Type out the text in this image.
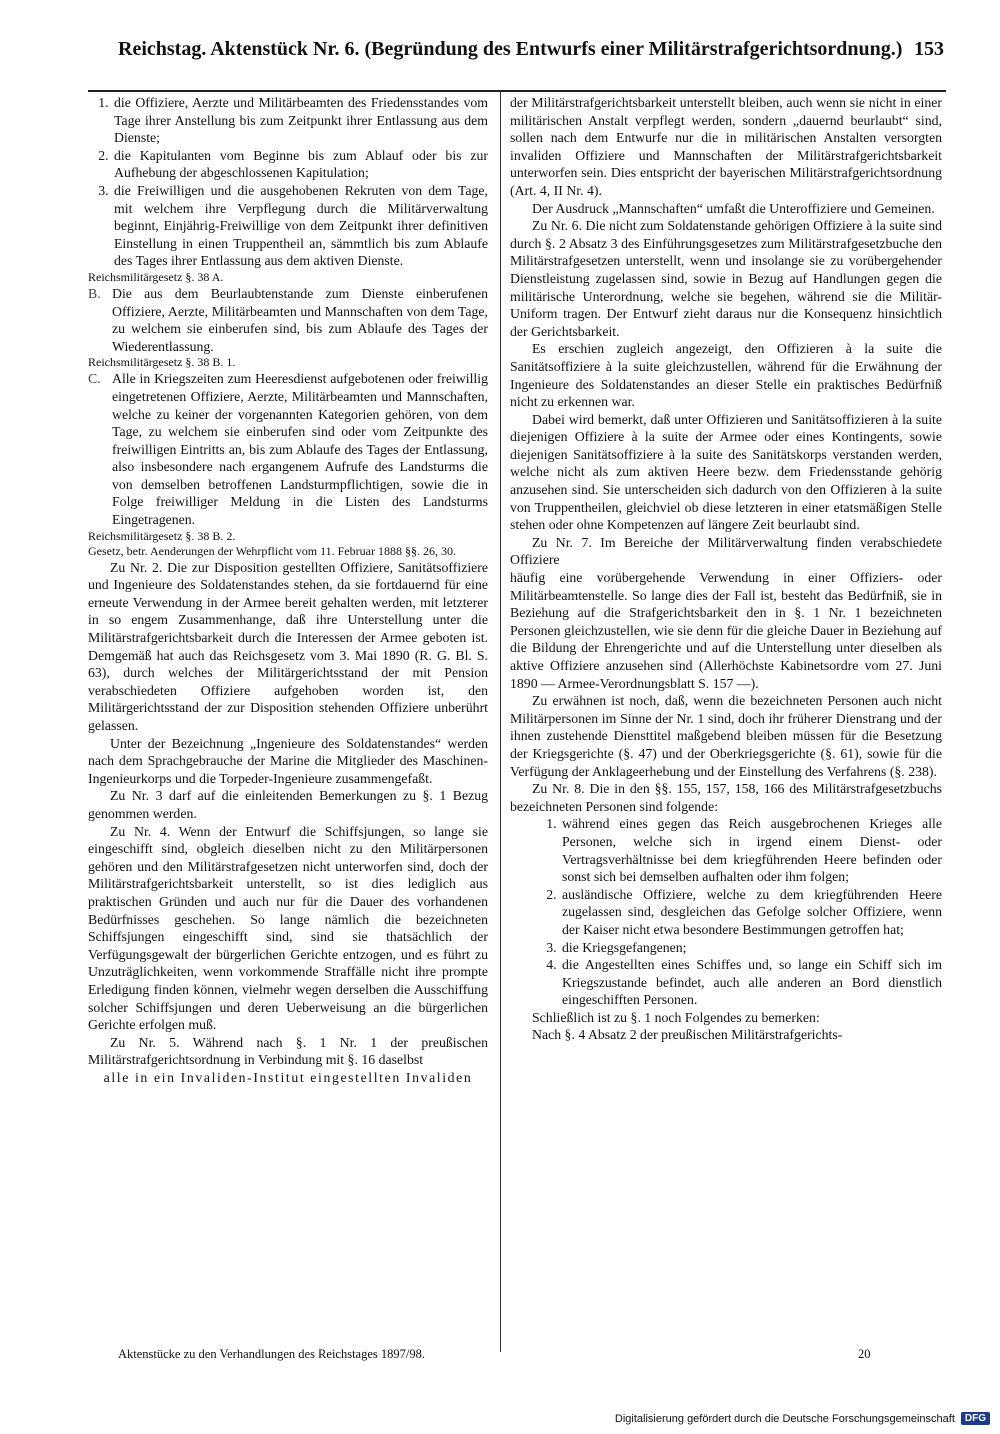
Reichstag. Aktenstück Nr. 6. (Begründung des Entwurfs einer Militärstrafgerichtsordnung.) 153
1. die Offiziere, Aerzte und Militärbeamten des Friedensstandes vom Tage ihrer Anstellung bis zum Zeitpunkt ihrer Entlassung aus dem Dienste;
2. die Kapitulanten vom Beginne bis zum Ablauf oder bis zur Aufhebung der abgeschlossenen Kapitulation;
3. die Freiwilligen und die ausgehobenen Rekruten von dem Tage, mit welchem ihre Verpflegung durch die Militärverwaltung beginnt, Einjährig-Freiwillige von dem Zeitpunkt ihrer definitiven Einstellung in einen Truppentheil an, sämmtlich bis zum Ablaufe des Tages ihrer Entlassung aus dem aktiven Dienste.

Reichsmilitärgesetz §. 38 A.

B. Die aus dem Beurlaubtenstande zum Dienste einberufenen Offiziere, Aerzte, Militärbeamten und Mannschaften von dem Tage, zu welchem sie einberufen sind, bis zum Ablaufe des Tages der Wiederentlassung.

Reichsmilitärgesetz §. 38 B. 1.

C. Alle in Kriegszeiten zum Heeresdienst aufgebotenen oder freiwillig eingetretenen Offiziere, Aerzte, Militärbeamten und Mannschaften, welche zu keiner der vorgenannten Kategorien gehören, von dem Tage, zu welchem sie einberufen sind oder vom Zeitpunkte des freiwilligen Eintritts an, bis zum Ablaufe des Tages der Entlassung, also insbesondere nach ergangenem Aufrufe des Landsturms die von demselben betroffenen Landsturmpflichtigen, sowie die in Folge freiwilliger Meldung in die Listen des Landsturms Eingetragenen.

Reichsmilitärgesetz §. 38 B. 2.

Gesetz, betr. Aenderungen der Wehrpflicht vom 11. Februar 1888 §§. 26, 30.

Zu Nr. 2. Die zur Disposition gestellten Offiziere, Sanitätsoffiziere und Ingenieure des Soldatenstandes stehen, da sie fortdauernd für eine erneute Verwendung in der Armee bereit gehalten werden, mit letzterer in so engem Zusammenhange, daß ihre Unterstellung unter die Militärstrafgerichtsbarkeit durch die Interessen der Armee geboten ist. Demgemäß hat auch das Reichsgesetz vom 3. Mai 1890 (R. G. Bl. S. 63), durch welches der Militärgerichtsstand der mit Pension verabschiedeten Offiziere aufgehoben worden ist, den Militärgerichtsstand der zur Disposition stehenden Offiziere unberührt gelassen.

Unter der Bezeichnung „Ingenieure des Soldatenstandes“ werden nach dem Sprachgebrauche der Marine die Mitglieder des Maschinen-Ingenieurkorps und die Torpeder-Ingenieure zusammengefaßt.

Zu Nr. 3 darf auf die einleitenden Bemerkungen zu §. 1 Bezug genommen werden.

Zu Nr. 4. Wenn der Entwurf die Schiffsjungen, so lange sie eingeschifft sind, obgleich dieselben nicht zu den Militärpersonen gehören und den Militärstrafgesetzen nicht unterworfen sind, doch der Militärstrafgerichtsbarkeit unterstellt, so ist dies lediglich aus praktischen Gründen und auch nur für die Dauer des vorhandenen Bedürfnisses geschehen. So lange nämlich die bezeichneten Schiffsjungen eingeschifft sind, sind sie thatsächlich der Verfügungsgewalt der bürgerlichen Gerichte entzogen, und es führt zu Unzuträglichkeiten, wenn vorkommende Straffälle nicht ihre prompte Erledigung finden können, vielmehr wegen derselben die Ausschiffung solcher Schiffsjungen und deren Ueberweisung an die bürgerlichen Gerichte erfolgen muß.

Zu Nr. 5. Während nach §. 1 Nr. 1 der preußischen Militärstrafgerichtsordnung in Verbindung mit §. 16 daselbst

alle in ein Invaliden-Institut eingestellten Invaliden

der Militärstrafgerichtsbarkeit unterstellt bleiben, auch wenn sie nicht in einer militärischen Anstalt verpflegt werden, sondern „dauernd beurlaubt“ sind, sollen nach dem Entwurfe nur die in militärischen Anstalten versorgten invaliden Offiziere und Mannschaften der Militärstrafgerichtsbarkeit unterworfen sein. Dies entspricht der bayerischen Militärstrafgerichtsordnung (Art. 4, II Nr. 4).

Der Ausdruck „Mannschaften“ umfaßt die Unteroffiziere und Gemeinen.

Zu Nr. 6. Die nicht zum Soldatenstande gehörigen Offiziere à la suite sind durch §. 2 Absatz 3 des Einführungsgesetzes zum Militärstrafgesetzbuche den Militärstrafgesetzen unterstellt, wenn und insolange sie zu vorübergehender Dienstleistung zugelassen sind, sowie in Bezug auf Handlungen gegen die militärische Unterordnung, welche sie begehen, während sie die Militär-Uniform tragen. Der Entwurf zieht daraus nur die Konsequenz hinsichtlich der Gerichtsbarkeit.

Es erschien zugleich angezeigt, den Offizieren à la suite die Sanitätsoffiziere à la suite gleichzustellen, während für die Erwähnung der Ingenieure des Soldatenstandes an dieser Stelle ein praktisches Bedürfniß nicht zu erkennen war.

Dabei wird bemerkt, daß unter Offizieren und Sanitätsoffizieren à la suite diejenigen Offiziere à la suite der Armee oder eines Kontingents, sowie diejenigen Sanitätsoffiziere à la suite des Sanitätskorps verstanden werden, welche nicht als zum aktiven Heere bezw. dem Friedensstande gehörig anzusehen sind. Sie unterscheiden sich dadurch von den Offizieren à la suite von Truppentheilen, gleichviel ob diese letzteren in einer etatsmäßigen Stelle stehen oder ohne Kompetenzen auf längere Zeit beurlaubt sind.

Zu Nr. 7. Im Bereiche der Militärverwaltung finden verabschiedete Offiziere

häufig eine vorübergehende Verwendung in einer Offiziers- oder Militärbeamtenstelle. So lange dies der Fall ist, besteht das Bedürfniß, sie in Beziehung auf die Strafgerichtsbarkeit den in §. 1 Nr. 1 bezeichneten Personen gleichzustellen, wie sie denn für die gleiche Dauer in Beziehung auf die Bildung der Ehrengerichte und auf die Unterstellung unter dieselben als aktive Offiziere anzusehen sind (Allerhöchste Kabinetsordre vom 27. Juni 1890 — Armee-Verordnungsblatt S. 157 —).

Zu erwähnen ist noch, daß, wenn die bezeichneten Personen auch nicht Militärpersonen im Sinne der Nr. 1 sind, doch ihr früherer Dienstrang und der ihnen zustehende Diensttitel maßgebend bleiben müssen für die Besetzung der Kriegsgerichte (§. 47) und der Oberkriegsgerichte (§. 61), sowie für die Verfügung der Anklageerhebung und der Einstellung des Verfahrens (§. 238).

Zu Nr. 8. Die in den §§. 155, 157, 158, 166 des Militärstrafgesetzbuchs bezeichneten Personen sind folgende:

1. während eines gegen das Reich ausgebrochenen Krieges alle Personen, welche sich in irgend einem Dienst- oder Vertragsverhältnisse bei dem kriegführenden Heere befinden oder sonst sich bei demselben aufhalten oder ihm folgen;
2. ausländische Offiziere, welche zu dem kriegführenden Heere zugelassen sind, desgleichen das Gefolge solcher Offiziere, wenn der Kaiser nicht etwa besondere Bestimmungen getroffen hat;
3. die Kriegsgefangenen;
4. die Angestellten eines Schiffes und, so lange ein Schiff sich im Kriegszustande befindet, auch alle anderen an Bord dienstlich eingeschifften Personen.

Schließlich ist zu §. 1 noch Folgendes zu bemerken:

Nach §. 4 Absatz 2 der preußischen Militärstrafgerichts-

Aktenstücke zu den Verhandlungen des Reichstages 1897/98.	20
Digitalisierung gefördert durch die Deutsche Forschungsgemeinschaft	DFG
